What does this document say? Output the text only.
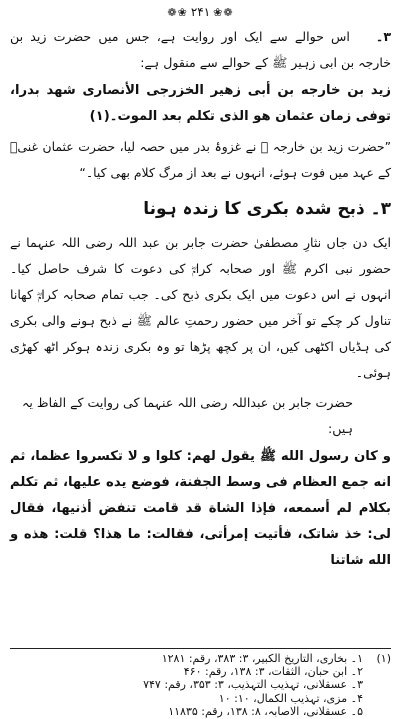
❁❀
۲۴۱
❀❁

۳۔اس حوالے سے ایک اور روایت ہے، جس میں حضرت زید بن خارجہ بن ابی زہیر ﷺ کے حوالے سے منقول ہے:

زيد بن خارجه بن أبى زهير الخزرجى الأنصارى شهد بدرا، توفى زمان عثمان هو الذى تكلم بعد الموت۔(۱)

”حضرت زید بن خارجہ ﷺ نے غزوۂ بدر میں حصہ لیا، حضرت عثمان غنیؓ کے عہد میں فوت ہوئے، انہوں نے بعد از مرگ کلام بھی کیا۔“

۳۔ ذبح شدہ بکری کا زندہ ہونا

ایک دن جاں نثارِ مصطفیٰ حضرت جابر بن عبد اللہ رضی اللہ عنہما نے حضور نبی اکرم ﷺ اور صحابہ کرامؓ کی دعوت کا شرف حاصل کیا۔ انہوں نے اس دعوت میں ایک بکری ذبح کی۔ جب تمام صحابہ کرامؓ کھانا تناول کر چکے تو آخر میں حضور رحمتِ عالم ﷺ نے ذبح ہونے والی بکری کی ہڈیاں اکٹھی کیں، ان پر کچھ پڑھا تو وہ بکری زندہ ہوکر اٹھ کھڑی ہوئی۔

حضرت جابر بن عبداللہ رضی اللہ عنہما کی روایت کے الفاظ یہ ہیں:

و كان رسول الله ﷺ يقول لهم: كلوا و لا تكسروا عظما، ثم انه جمع العظام فى وسط الجفنة، فوضع يده عليها، ثم تكلم بكلام لم أسمعه، فإذا الشاة قد قامت تنفض أذنيها، فقال لى: خذ شاتک، فأتيت إمرأتى، فقالت: ما هذا؟ قلت: هذه و الله شاتنا

(۱)
۱۔ بخاری، التاریخ الکبیر، ۳: ۳۸۳، رقم: ۱۲۸۱
۲۔ ابن حبان، الثقات، ۳: ۱۳۸، رقم: ۴۶۰
۳۔ عسقلانی، تہذیب التہذیب، ۳: ۳۵۳، رقم: ۷۴۷
۴۔ مزی، تہذیب الکمال، ۱۰: ۱۰
۵۔ عسقلانی، الاصابہ، ۸: ۱۳۸، رقم: ۱۱۸۳۵
